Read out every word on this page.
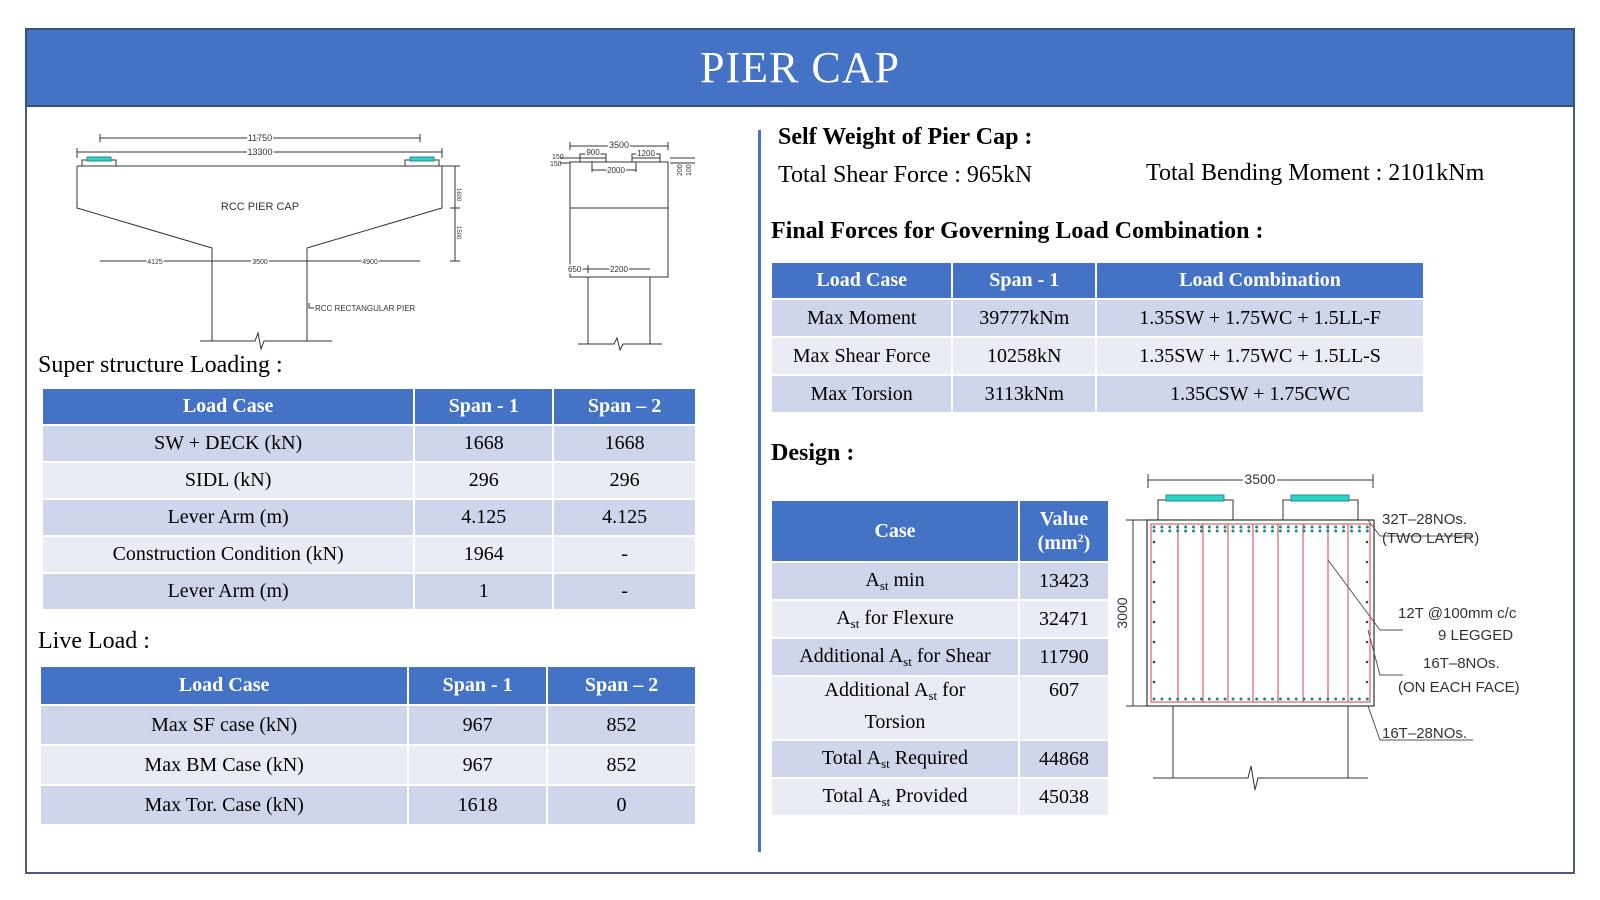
PIER CAP
11750
13300
RCC PIER CAP
4125	3500	4900
RCC RECTANGULAR PIER
1600
1500
3500
900	1200
2000
150
150	200 100
650	2200
Super structure Loading :
Load Case	Span - 1	Span – 2
SW + DECK (kN)	1668	1668
SIDL (kN)	296	296
Lever Arm (m)	4.125	4.125
Construction Condition (kN)	1964	-
Lever Arm (m)	1	-
Live Load :
Load Case	Span - 1	Span – 2
Max SF case (kN)	967	852
Max BM Case (kN)	967	852
Max Tor. Case (kN)	1618	0
Self Weight of Pier Cap :
Total Shear Force : 965kN	Total Bending Moment : 2101kNm
Final Forces for Governing Load Combination :
Load Case	Span - 1	Load Combination
Max Moment	39777kNm	1.35SW + 1.75WC + 1.5LL-F
Max Shear Force	10258kN	1.35SW + 1.75WC + 1.5LL-S
Max Torsion	3113kNm	1.35CSW + 1.75CWC
Design :
Case	Value
$(mm^2)$
$A_{st}$ min	13423
$A_{st}$ for Flexure	32471
Additional $A_{st}$ for Shear	11790
Additional $A_{st}$ for
Torsion	607
Total $A_{st}$ Required	44868
Total $A_{st}$ Provided	45038
3500
3000
32T–28NOs.
(TWO LAYER)
12T @100mm c/c
9 LEGGED
16T–8NOs.
(ON EACH FACE)
16T–28NOs.
